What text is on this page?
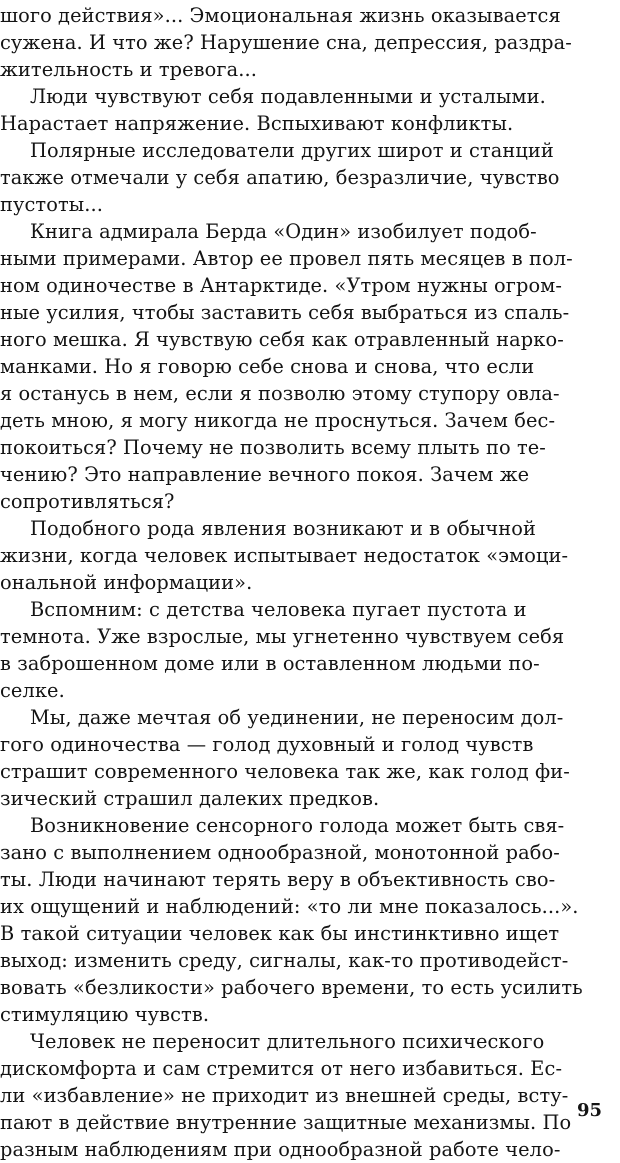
шого действия»... Эмоциональная жизнь оказывается
сужена. И что же? Нарушение сна, депрессия, раздра-
жительность и тревога...
Люди чувствуют себя подавленными и усталыми.
Нарастает напряжение. Вспыхивают конфликты.
Полярные исследователи других широт и станций
также отмечали у себя апатию, безразличие, чувство
пустоты...
Книга адмирала Берда «Один» изобилует подоб-
ными примерами. Автор ее провел пять месяцев в пол-
ном одиночестве в Антарктиде. «Утром нужны огром-
ные усилия, чтобы заставить себя выбраться из спаль-
ного мешка. Я чувствую себя как отравленный нарко-
манками. Но я говорю себе снова и снова, что если
я останусь в нем, если я позволю этому ступору овла-
деть мною, я могу никогда не проснуться. Зачем бес-
покоиться? Почему не позволить всему плыть по те-
чению? Это направление вечного покоя. Зачем же
сопротивляться?
Подобного рода явления возникают и в обычной
жизни, когда человек испытывает недостаток «эмоци-
ональной информации».
Вспомним: с детства человека пугает пустота и
темнота. Уже взрослые, мы угнетенно чувствуем себя
в заброшенном доме или в оставленном людьми по-
селке.
Мы, даже мечтая об уединении, не переносим дол-
гого одиночества — голод духовный и голод чувств
страшит современного человека так же, как голод фи-
зический страшил далеких предков.
Возникновение сенсорного голода может быть свя-
зано с выполнением однообразной, монотонной рабо-
ты. Люди начинают терять веру в объективность сво-
их ощущений и наблюдений: «то ли мне показалось...».
В такой ситуации человек как бы инстинктивно ищет
выход: изменить среду, сигналы, как-то противодейст-
вовать «безликости» рабочего времени, то есть усилить
стимуляцию чувств.
Человек не переносит длительного психического
дискомфорта и сам стремится от него избавиться. Ес-
ли «избавление» не приходит из внешней среды, всту-
пают в действие внутренние защитные механизмы. По
разным наблюдениям при однообразной работе чело-
95
